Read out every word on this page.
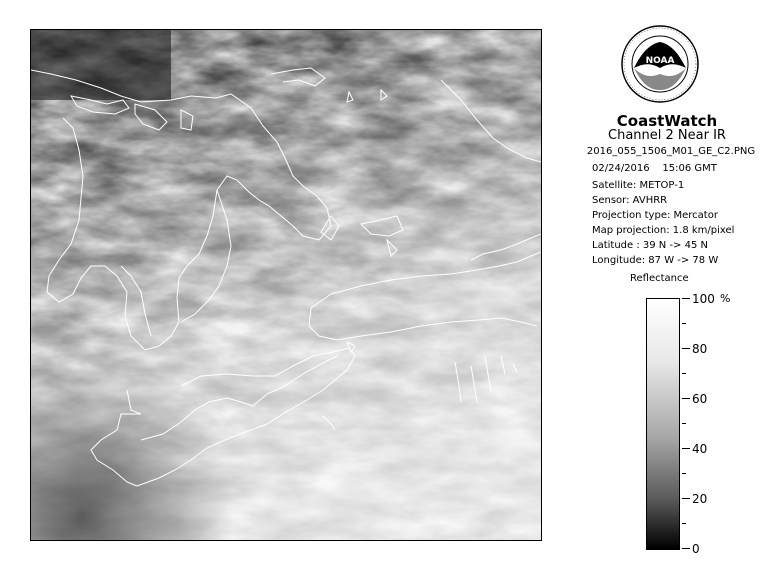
NOAA
CoastWatch
Channel 2 Near IR
2016_055_1506_M01_GE_C2.PNG
02/24/2016 15:06 GMT
Satellite: METOP-1
Sensor: AVHRR
Projection type: Mercator
Map projection: 1.8 km/pixel
Latitude : 39 N -> 45 N
Longitude: 87 W -> 78 W
Reflectance
%
100
80
60
40
20
0
